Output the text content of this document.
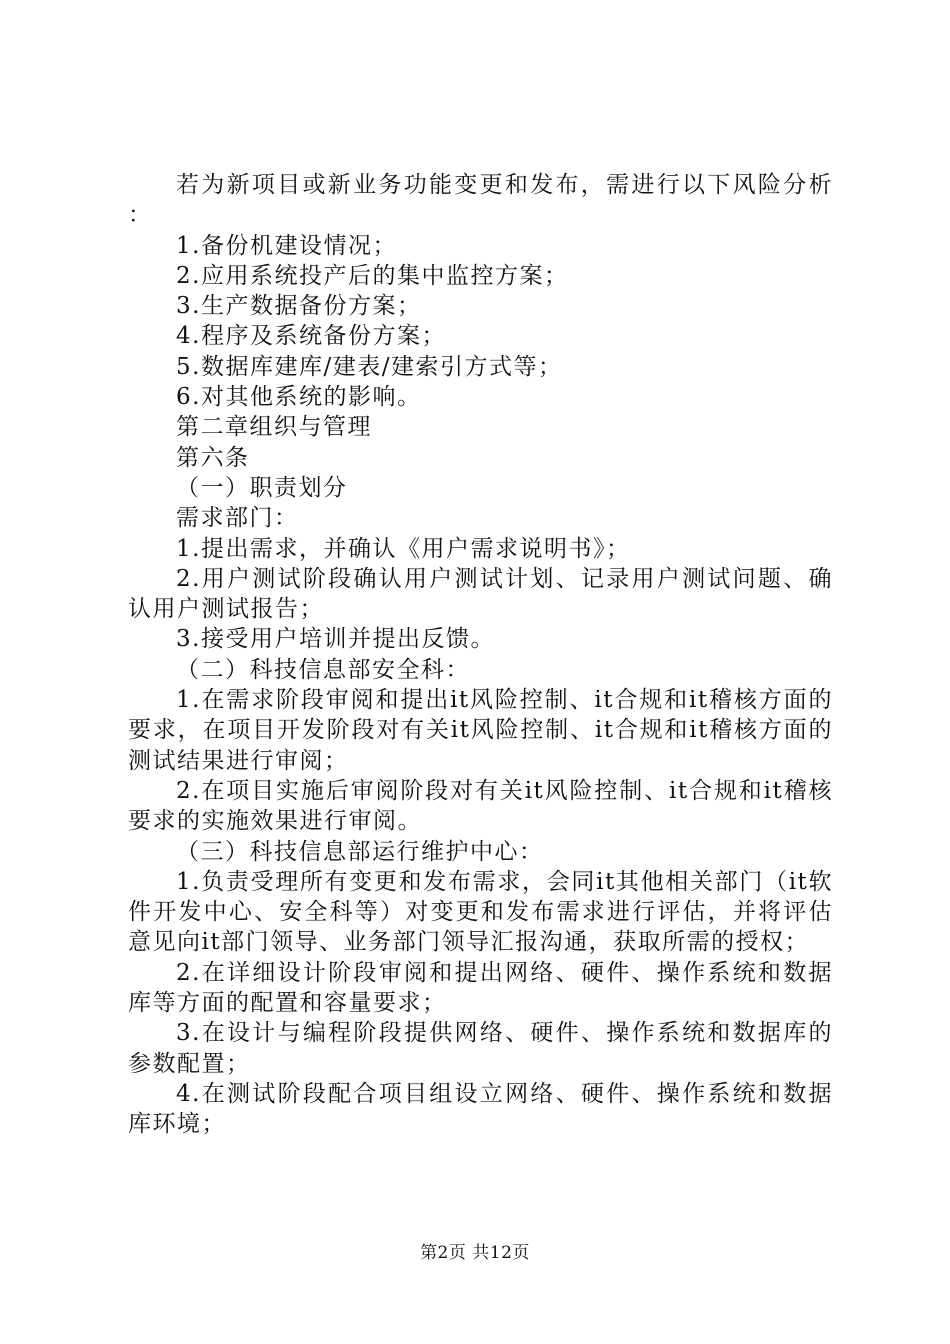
若为新项目或新业务功能变更和发布，需进行以下风险分析：

1.备份机建设情况；

2.应用系统投产后的集中监控方案；

3.生产数据备份方案；

4.程序及系统备份方案；

5.数据库建库/建表/建索引方式等；

6.对其他系统的影响。

第二章组织与管理

第六条

（一）职责划分

需求部门：

1.提出需求，并确认《用户需求说明书》；

2.用户测试阶段确认用户测试计划、记录用户测试问题、确认用户测试报告；

3.接受用户培训并提出反馈。

（二）科技信息部安全科：

1.在需求阶段审阅和提出it风险控制、it合规和it稽核方面的要求，在项目开发阶段对有关it风险控制、it合规和it稽核方面的测试结果进行审阅；

2.在项目实施后审阅阶段对有关it风险控制、it合规和it稽核要求的实施效果进行审阅。

（三）科技信息部运行维护中心：

1.负责受理所有变更和发布需求，会同it其他相关部门（it软件开发中心、安全科等）对变更和发布需求进行评估，并将评估意见向it部门领导、业务部门领导汇报沟通，获取所需的授权；

2.在详细设计阶段审阅和提出网络、硬件、操作系统和数据库等方面的配置和容量要求；

3.在设计与编程阶段提供网络、硬件、操作系统和数据库的参数配置；

4.在测试阶段配合项目组设立网络、硬件、操作系统和数据库环境；

第2页 共12页
